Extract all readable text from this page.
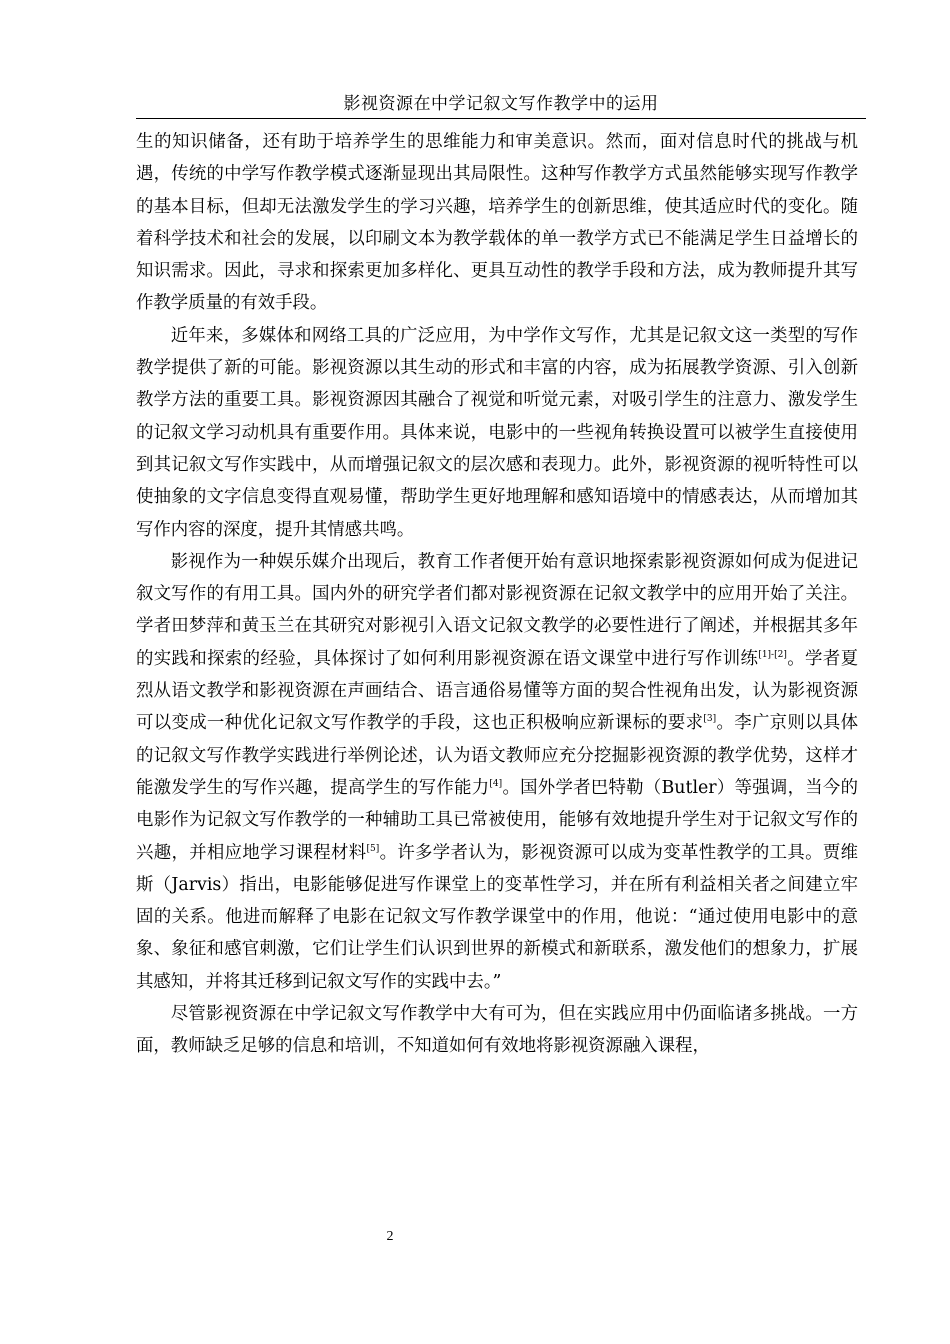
影视资源在中学记叙文写作教学中的运用

生的知识储备，还有助于培养学生的思维能力和审美意识。然而，面对信息时代的挑战与机遇，传统的中学写作教学模式逐渐显现出其局限性。这种写作教学方式虽然能够实现写作教学的基本目标，但却无法激发学生的学习兴趣，培养学生的创新思维，使其适应时代的变化。随着科学技术和社会的发展，以印刷文本为教学载体的单一教学方式已不能满足学生日益增长的知识需求。因此，寻求和探索更加多样化、更具互动性的教学手段和方法，成为教师提升其写作教学质量的有效手段。

近年来，多媒体和网络工具的广泛应用，为中学作文写作，尤其是记叙文这一类型的写作教学提供了新的可能。影视资源以其生动的形式和丰富的内容，成为拓展教学资源、引入创新教学方法的重要工具。影视资源因其融合了视觉和听觉元素，对吸引学生的注意力、激发学生的记叙文学习动机具有重要作用。具体来说，电影中的一些视角转换设置可以被学生直接使用到其记叙文写作实践中，从而增强记叙文的层次感和表现力。此外，影视资源的视听特性可以使抽象的文字信息变得直观易懂，帮助学生更好地理解和感知语境中的情感表达，从而增加其写作内容的深度，提升其情感共鸣。

影视作为一种娱乐媒介出现后，教育工作者便开始有意识地探索影视资源如何成为促进记叙文写作的有用工具。国内外的研究学者们都对影视资源在记叙文教学中的应用开始了关注。学者田梦萍和黄玉兰在其研究对影视引入语文记叙文教学的必要性进行了阐述，并根据其多年的实践和探索的经验，具体探讨了如何利用影视资源在语文课堂中进行写作训练[1]-[2]。学者夏烈从语文教学和影视资源在声画结合、语言通俗易懂等方面的契合性视角出发，认为影视资源可以变成一种优化记叙文写作教学的手段，这也正积极响应新课标的要求[3]。李广京则以具体的记叙文写作教学实践进行举例论述，认为语文教师应充分挖掘影视资源的教学优势，这样才能激发学生的写作兴趣，提高学生的写作能力[4]。国外学者巴特勒（Butler）等强调，当今的电影作为记叙文写作教学的一种辅助工具已常被使用，能够有效地提升学生对于记叙文写作的兴趣，并相应地学习课程材料[5]。许多学者认为，影视资源可以成为变革性教学的工具。贾维斯（Jarvis）指出，电影能够促进写作课堂上的变革性学习，并在所有利益相关者之间建立牢固的关系。他进而解释了电影在记叙文写作教学课堂中的作用，他说：“通过使用电影中的意象、象征和感官刺激，它们让学生们认识到世界的新模式和新联系，激发他们的想象力，扩展其感知，并将其迁移到记叙文写作的实践中去。”

尽管影视资源在中学记叙文写作教学中大有可为，但在实践应用中仍面临诸多挑战。一方面，教师缺乏足够的信息和培训，不知道如何有效地将影视资源融入课程，

2
